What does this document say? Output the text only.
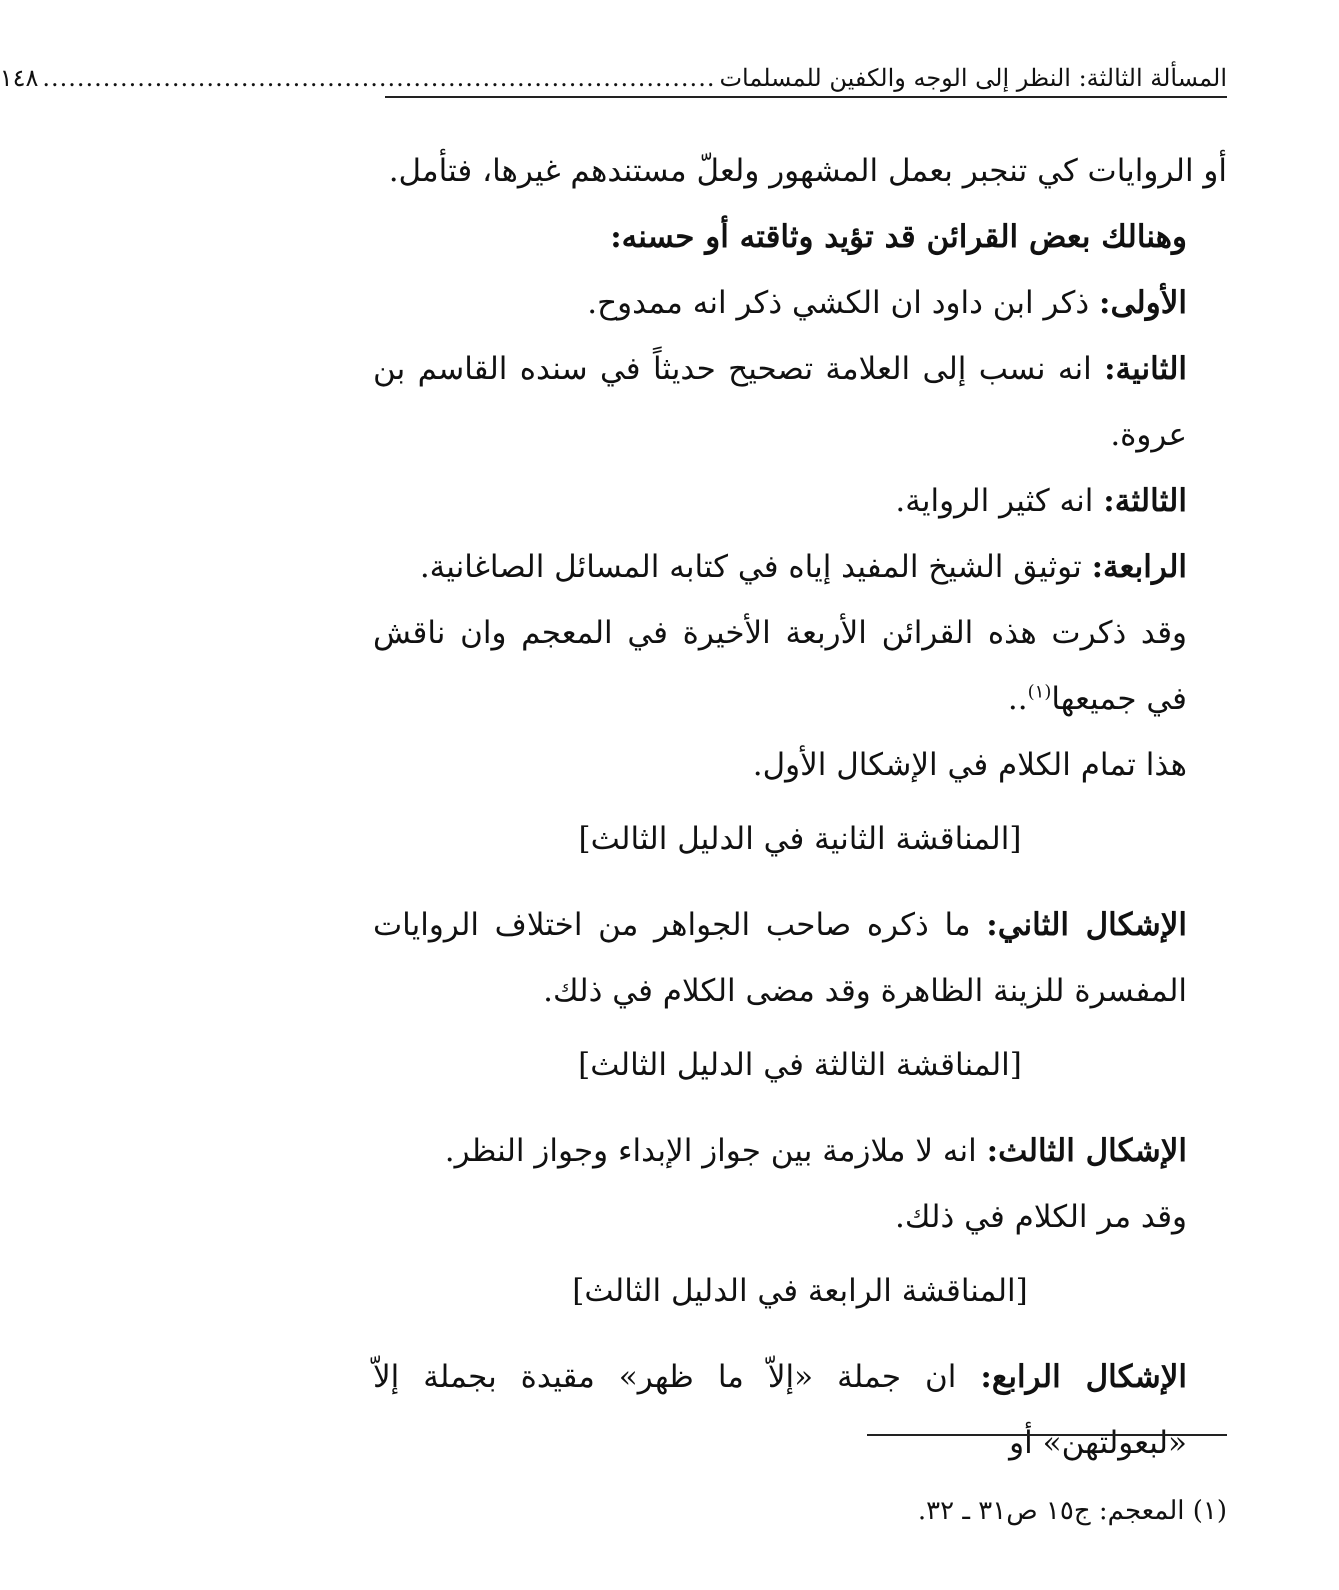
المسألة الثالثة: النظر إلى الوجه والكفين للمسلمات
..............................................................................
١٤٨

أو الروايات كي تنجبر بعمل المشهور ولعلّ مستندهم غيرها، فتأمل.

وهنالك بعض القرائن قد تؤيد وثاقته أو حسنه:

الأولى: ذكر ابن داود ان الكشي ذكر انه ممدوح.

الثانية: انه نسب إلى العلامة تصحيح حديثاً في سنده القاسم بن عروة.

الثالثة: انه كثير الرواية.

الرابعة: توثيق الشيخ المفيد إياه في كتابه المسائل الصاغانية.

وقد ذكرت هذه القرائن الأربعة الأخيرة في المعجم وان ناقش في جميعها$^{(١)}$..

هذا تمام الكلام في الإشكال الأول.

[المناقشة الثانية في الدليل الثالث]

الإشكال الثاني: ما ذكره صاحب الجواهر من اختلاف الروايات المفسرة للزينة الظاهرة وقد مضى الكلام في ذلك.

[المناقشة الثالثة في الدليل الثالث]

الإشكال الثالث: انه لا ملازمة بين جواز الإبداء وجواز النظر.

وقد مر الكلام في ذلك.

[المناقشة الرابعة في الدليل الثالث]

الإشكال الرابع: ان جملة «إلاّ ما ظهر» مقيدة بجملة إلاّ «لبعولتهن» أو

(١) المعجم: ج١٥ ص٣١ ـ ٣٢.
